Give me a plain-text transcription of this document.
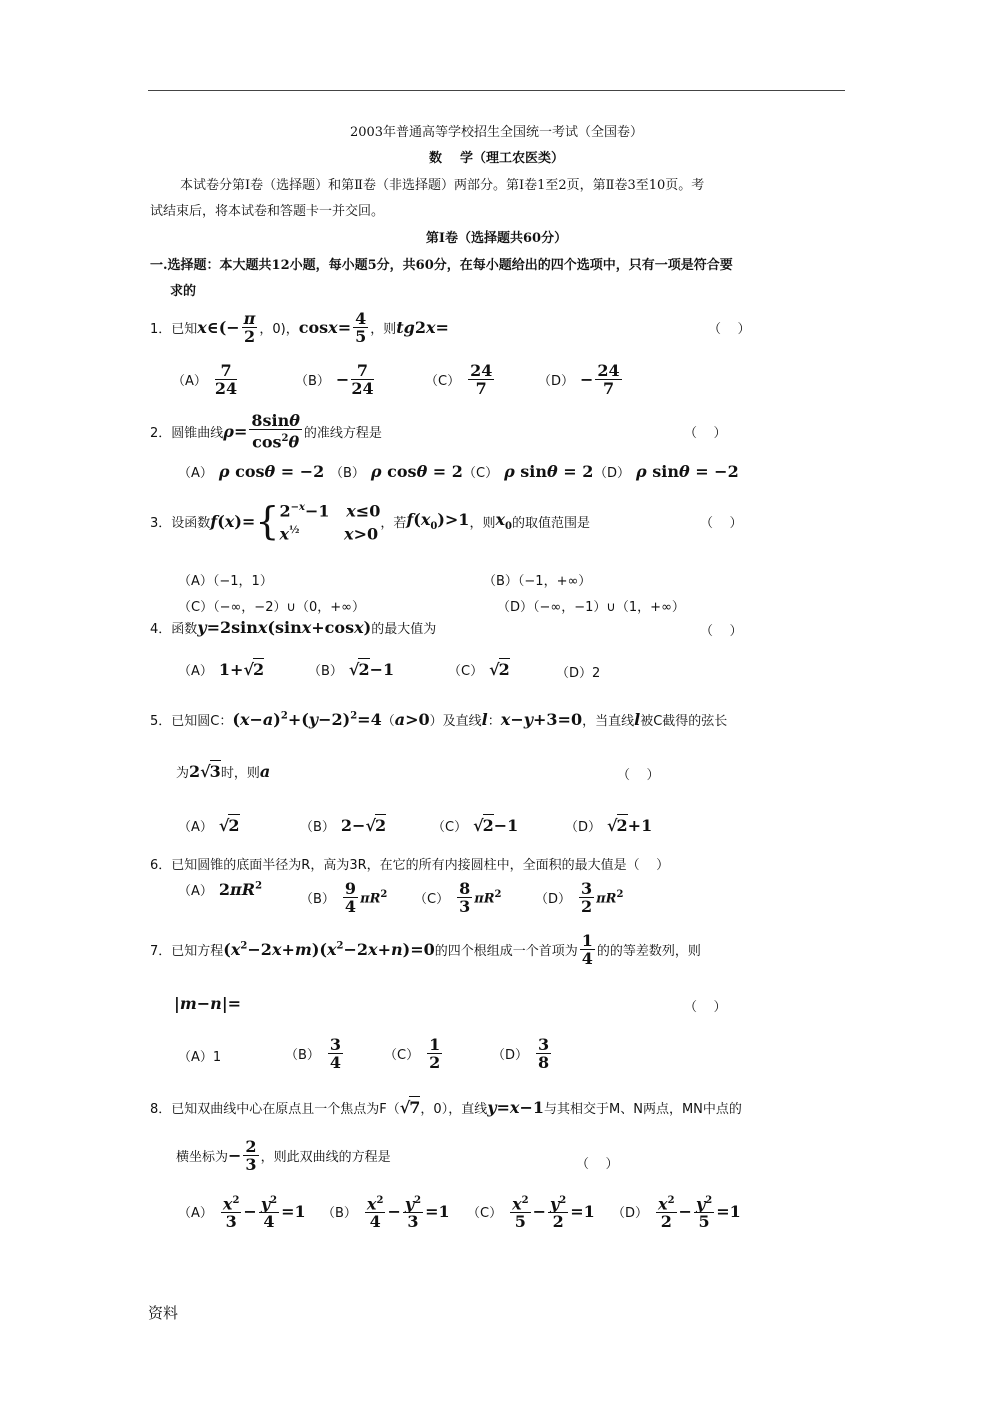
2003年普通高等学校招生全国统一考试（全国卷）
数    学（理工农医类）
本试卷分第Ⅰ卷（选择题）和第Ⅱ卷（非选择题）两部分。第Ⅰ卷1至2页，第Ⅱ卷3至10页。考
试结束后，将本试卷和答题卡一并交回。
第Ⅰ卷（选择题共60分）
一.选择题：本大题共12小题，每小题5分，共60分，在每小题给出的四个选项中，只有一项是符合要
求的
1． 已知 x∈(− $\frac{\pi}{2}$ ，0) ， $\cos x= \frac{4}{5}$ ，则 tg2x=	（    ）
$(A) \frac{7}{24}$	$(B) - \frac{7}{24}$	$(C) \frac{24}{7}$	$(D) - \frac{24}{7}$
2． 圆锥曲线 $\rho= \frac{8\sin\theta}{\cos^2\theta}$ 的准线方程是	（    ）
（A） ρ cosθ = −2 （B） ρ cosθ = 2 （C） ρ sinθ = 2 （D） ρ sinθ = −2
3． 设函数 f(x)= { $2^{-x}-1$   x≤0
$x^{\frac{1}{2}}$	x>0
，若 $f(x_0)>1$ ，则 $x_0$ 的取值范围是	（    ）
（A）（−1，1）	（B）（−1，+∞）
（C）（−∞，−2）∪（0，+∞）	（D）（−∞，−1）∪（1，+∞）
4． 函数 y=2sinx(sinx+cosx) 的最大值为	（    ）
（A） 1+√2	（B） √2−1	（C） √2	（D）2
5． 已知圆C： $(x-a)^2+(y-2)^2=4$ （ a>0 ）及直线 l ： x−y+3=0 ，当直线 l 被C截得的弦长
为 2√3 时，则 a	（    ）
（A） √2	（B） 2−√2	（C） √2−1	（D） √2+1
6． 已知圆锥的底面半径为R，高为3R，在它的所有内接圆柱中，全面积的最大值是（    ）
（A） $2\pi R^2$
$(B) \frac{9}{4} \pi R^2$ $(C) \frac{8}{3} \pi R^2$	$(D) \frac{3}{2} \pi R^2$
7． 已知方程 $(x^2-2x+m)(x^2-2x+n)=0$ 的四个根组成一个首项为 $\frac{1}{4}$ 的的等差数列，则
|m−n|=	（    ）
（A）1	$(B) \frac{3}{4}$	$(C) \frac{1}{2}$	$(D) \frac{3}{8}$
8． 已知双曲线中心在原点且一个焦点为F（ √7 ，0），直线 y=x−1 与其相交于M、N两点，MN中点的
横坐标为 − $\frac{2}{3}$ ，则此双曲线的方程是	（    ）
$(A) \frac{x^2}{3} - \frac{y^2}{4} =1$ $(B) \frac{x^2}{4} - \frac{y^2}{3} =1$ $(C) \frac{x^2}{5} - \frac{y^2}{2} =1$ $(D) \frac{x^2}{2} - \frac{y^2}{5} =1$
资料
